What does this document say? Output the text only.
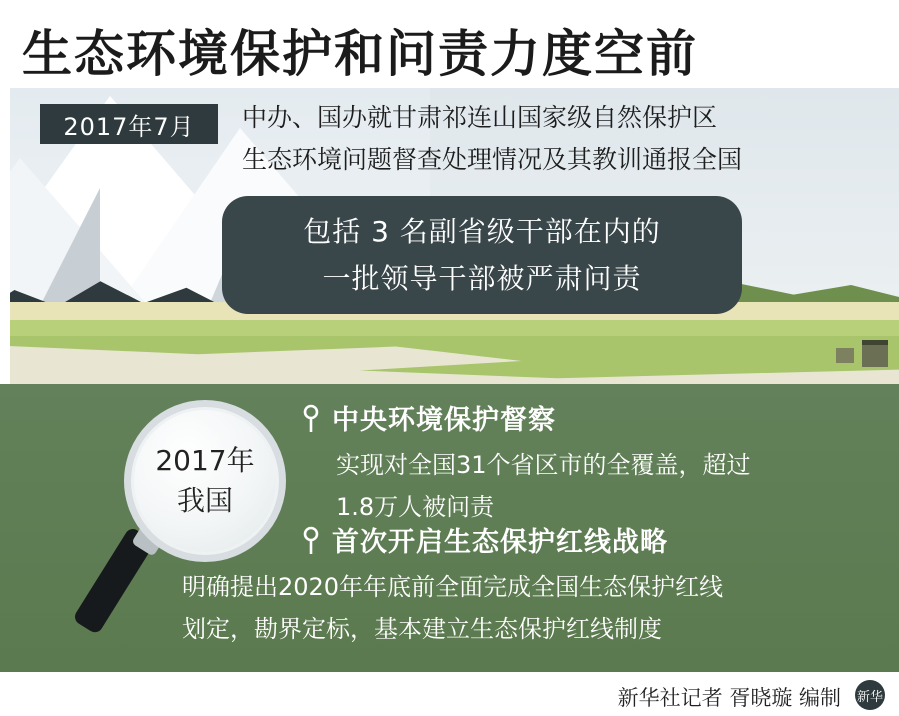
生态环境保护和问责力度空前
2017年7月 中办、国办就甘肃祁连山国家级自然保护区
生态环境问题督查处理情况及其教训通报全国
包括 3 名副省级干部在内的
一批领导干部被严肃问责
2017年
我国
中央环境保护督察
实现对全国31个省区市的全覆盖，超过
1.8万人被问责
首次开启生态保护红线战略
明确提出2020年年底前全面完成全国生态保护红线
划定，勘界定标，基本建立生态保护红线制度
新华社记者 胥晓璇 编制 新华
